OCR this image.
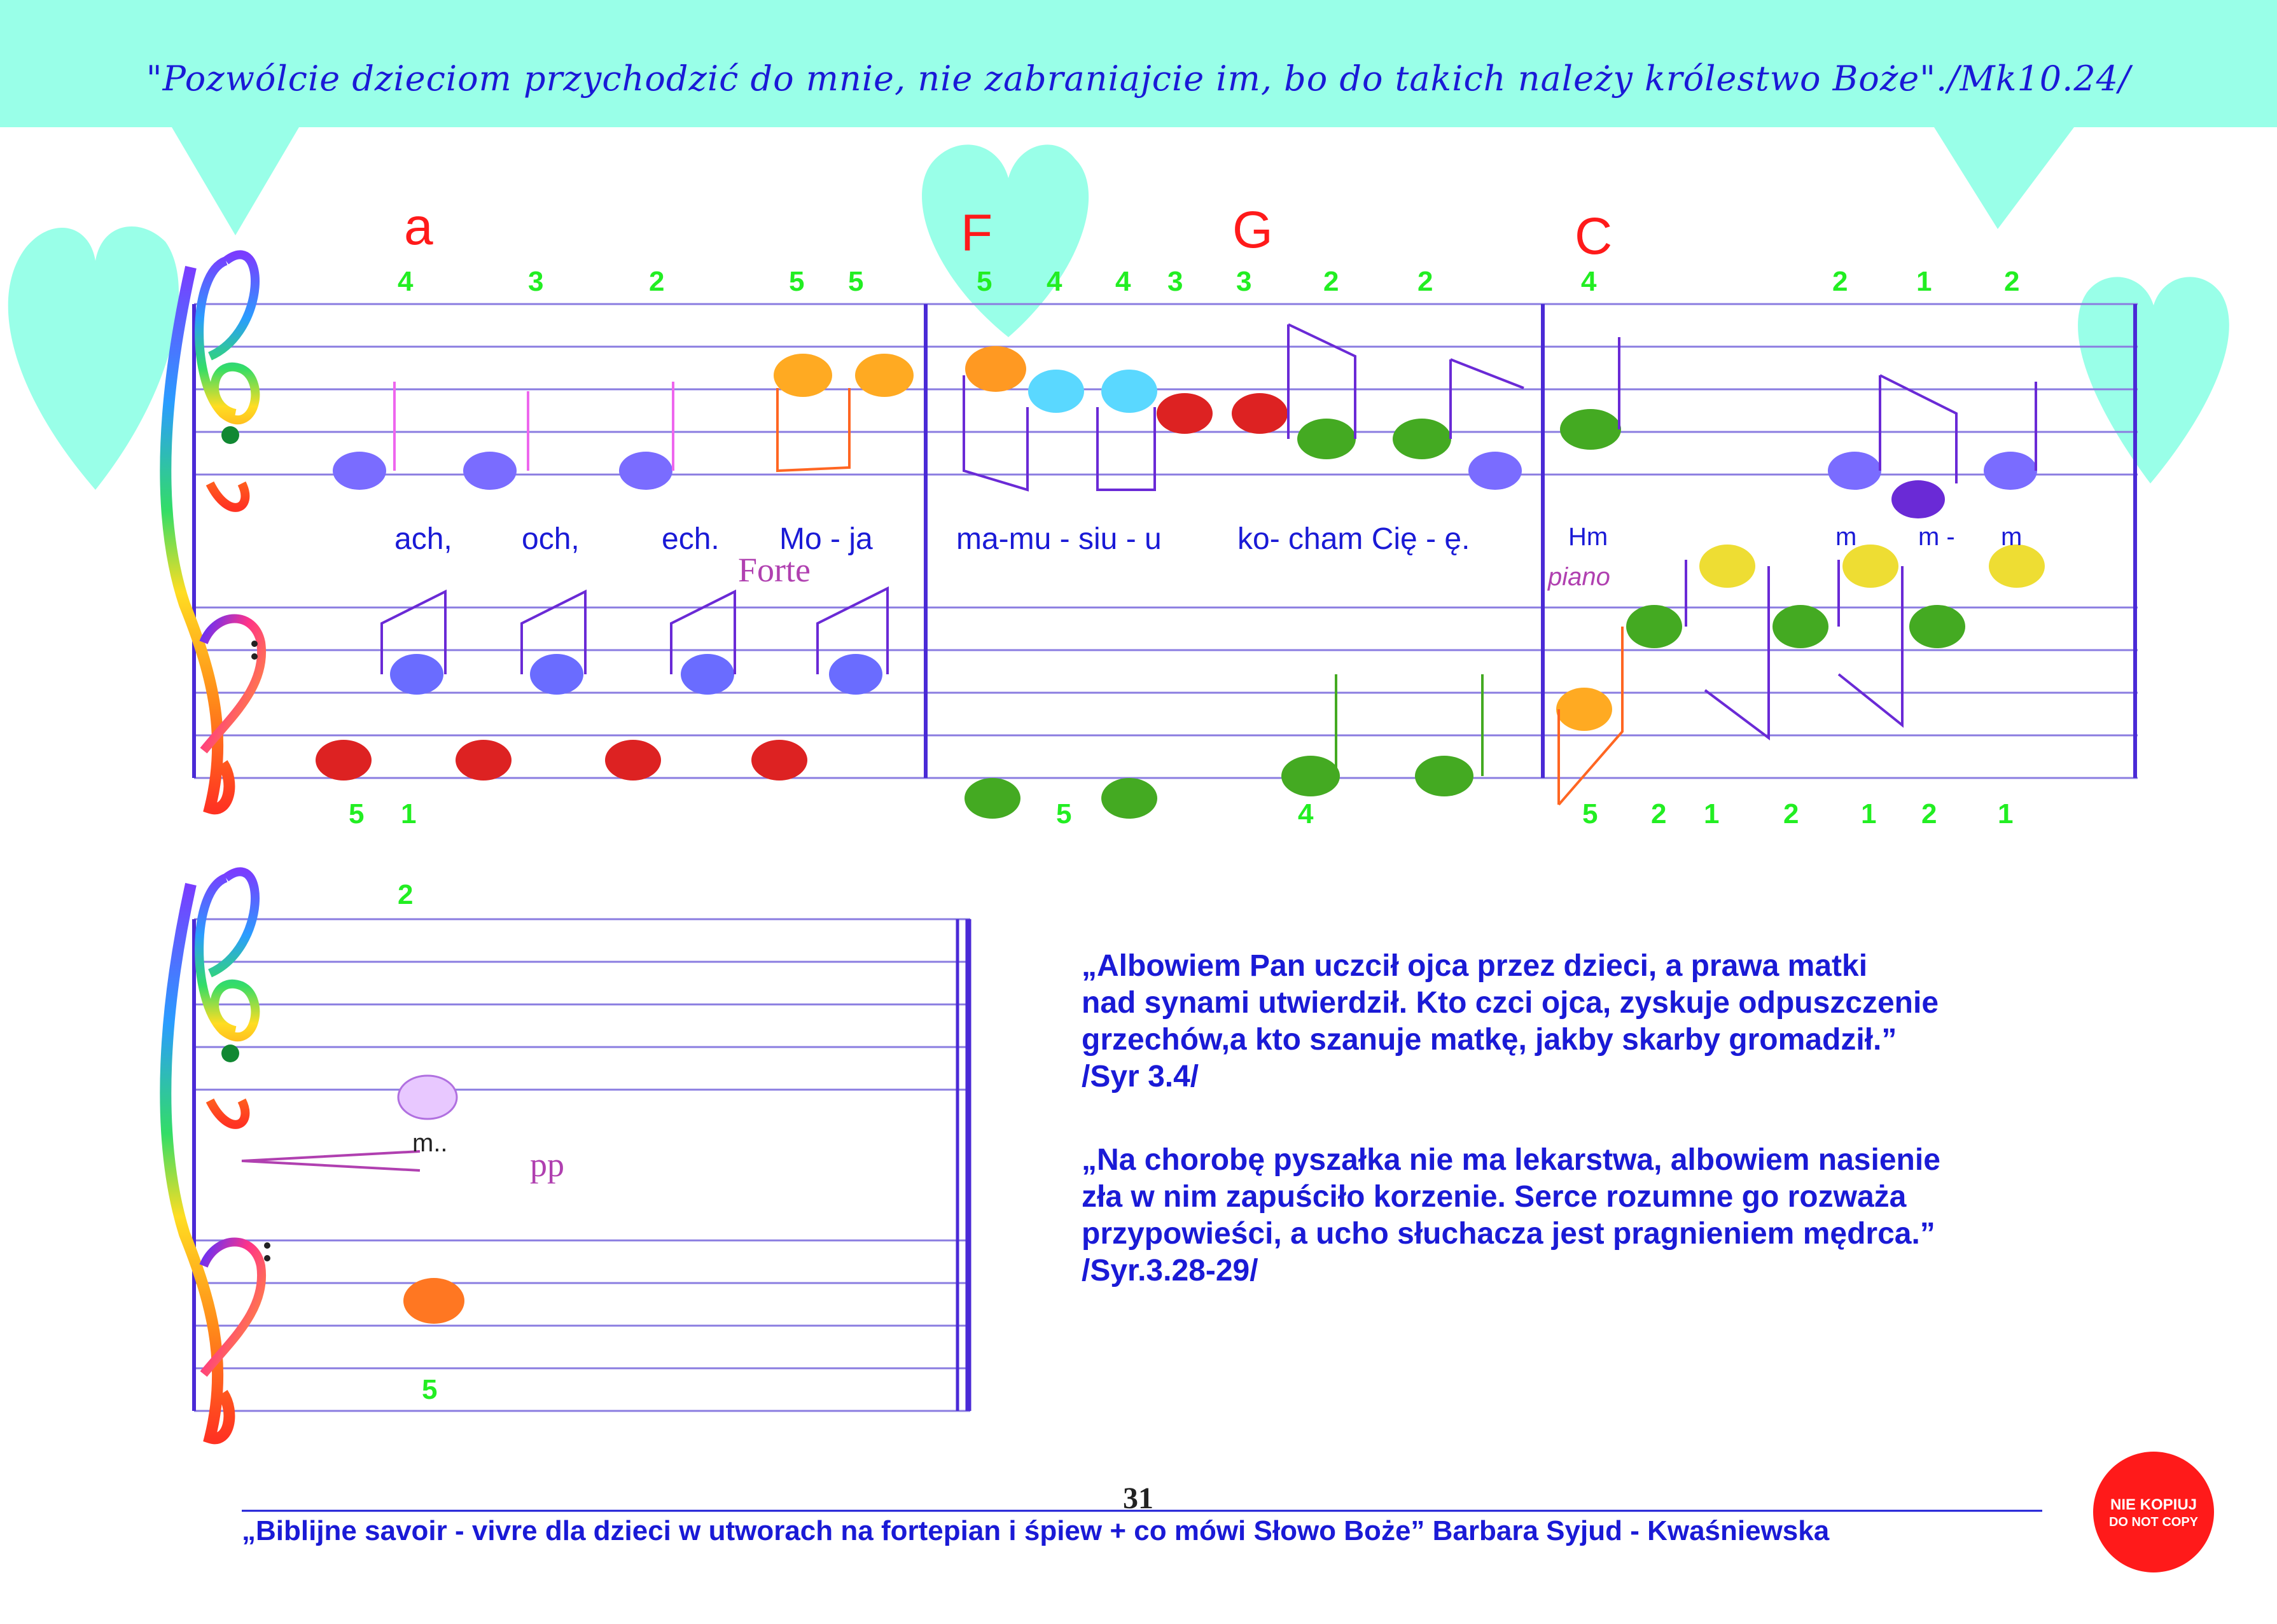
"Pozwólcie dzieciom przychodzić do mnie, nie zabraniajcie im, bo do takich należy królestwo Boże".‏/Mk10.24/
a	F	G	C
4	3	2	5 5	5 4 4 3 3	2	2	4	2 1	2
5 1	5	4	5 2 1 2 1 2 1
ach, och,	ech. Mo - ja	ma-mu - siu - u ko- cham Cię - ę.	Hm	m m - m
Forte	piano
2
5
m..
pp
„Albowiem Pan uczcił ojca przez dzieci, a prawa matki
nad synami utwierdził. Kto czci ojca, zyskuje odpuszczenie
grzechów,a kto szanuje matkę, jakby skarby gromadził.”
/Syr 3.4/
„Na chorobę pyszałka nie ma lekarstwa, albowiem nasienie
zła w nim zapuściło korzenie. Serce rozumne go rozważa
przypowieści, a ucho słuchacza jest pragnieniem mędrca.”
/Syr.3.28-29/
31
„Biblijne savoir - vivre dla dzieci w utworach na fortepian i śpiew + co mówi Słowo Boże” Barbara Syjud - Kwaśniewska
NIE KOPIUJ
DO NOT COPY
